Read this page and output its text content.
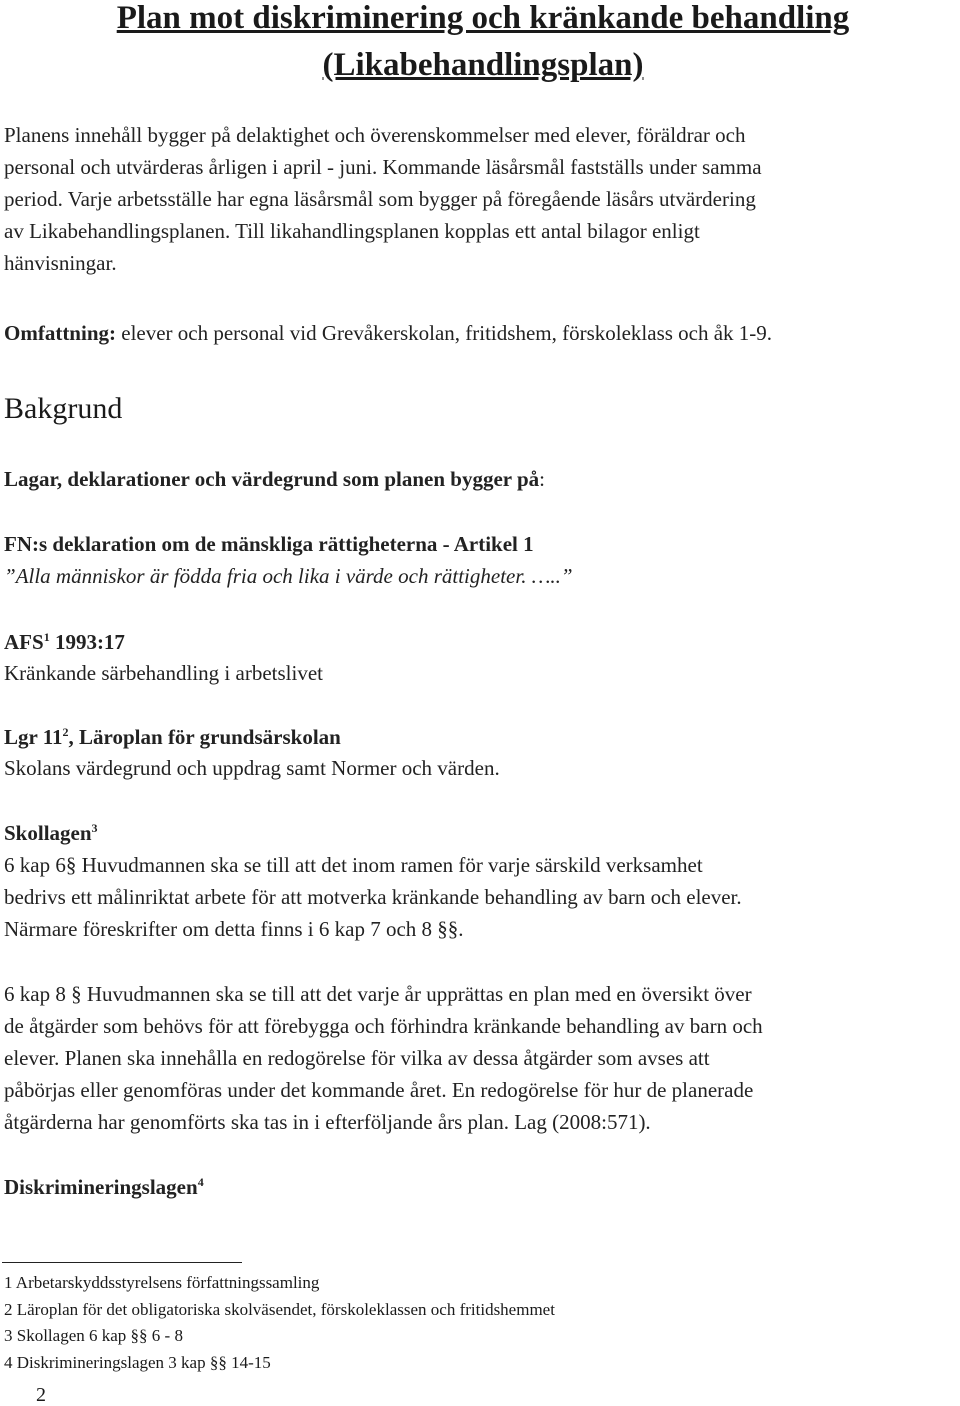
Plan mot diskriminering och kränkande behandling
(Likabehandlingsplan)

Planens innehåll bygger på delaktighet och överenskommelser med elever, föräldrar och

personal och utvärderas årligen i april - juni. Kommande läsårsmål fastställs under samma

period. Varje arbetsställe har egna läsårsmål som bygger på föregående läsårs utvärdering

av Likabehandlingsplanen. Till likahandlingsplanen kopplas ett antal bilagor enligt

hänvisningar.

Omfattning: elever och personal vid Grevåkerskolan, fritidshem, förskoleklass och åk 1-9.

Bakgrund

Lagar, deklarationer och värdegrund som planen bygger på:

FN:s deklaration om de mänskliga rättigheterna - Artikel 1

”Alla människor är födda fria och lika i värde och rättigheter. …..”

AFS$^1$ 1993:17

Kränkande särbehandling i arbetslivet

Lgr $11^2$, Läroplan för grundsärskolan

Skolans värdegrund och uppdrag samt Normer och värden.

Skollagen$^3$

6 kap 6§ Huvudmannen ska se till att det inom ramen för varje särskild verksamhet

bedrivs ett målinriktat arbete för att motverka kränkande behandling av barn och elever.

Närmare föreskrifter om detta finns i 6 kap 7 och 8 §§.

6 kap 8 § Huvudmannen ska se till att det varje år upprättas en plan med en översikt över

de åtgärder som behövs för att förebygga och förhindra kränkande behandling av barn och

elever. Planen ska innehålla en redogörelse för vilka av dessa åtgärder som avses att

påbörjas eller genomföras under det kommande året. En redogörelse för hur de planerade

åtgärderna har genomförts ska tas in i efterföljande års plan. Lag (2008:571).

Diskrimineringslagen$^4$

1 Arbetarskyddsstyrelsens författningssamling
2 Läroplan för det obligatoriska skolväsendet, förskoleklassen och fritidshemmet
3 Skollagen 6 kap §§ 6 - 8
4 Diskrimineringslagen 3 kap §§ 14-15
2
